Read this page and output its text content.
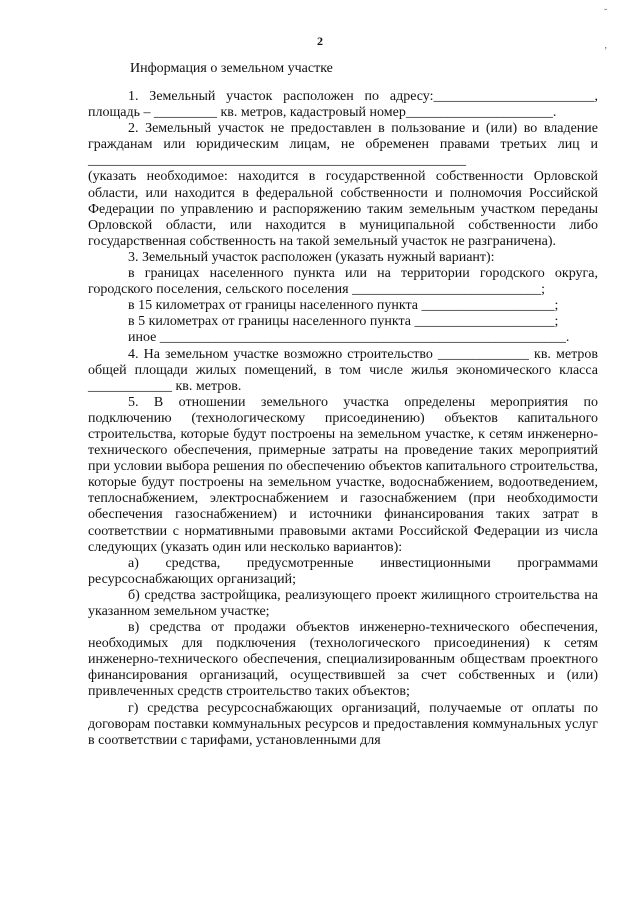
˘
‚
2
Информация о земельном участке

1. Земельный участок расположен по адресу:_______________________, площадь – _________ кв. метров, кадастровый номер_____________________.

2. Земельный участок не предоставлен в пользование и (или) во владение гражданам или юридическим лицам, не обременен правами третьих лиц и ______________________________________________________

(указать необходимое: находится в государственной собственности Орловской области, или находится в федеральной собственности и полномочия Российской Федерации по управлению и распоряжению таким земельным участком переданы Орловской области, или находится в муниципальной собственности либо государственная собственность на такой земельный участок не разграничена).

3. Земельный участок расположен (указать нужный вариант):

в границах населенного пункта или на территории городского округа, городского поселения, сельского поселения ___________________________;

в 15 километрах от границы населенного пункта ___________________;

в 5 километрах от границы населенного пункта ____________________;

иное __________________________________________________________.

4. На земельном участке возможно строительство _____________ кв. метров общей площади жилых помещений, в том числе жилья экономического класса ____________ кв. метров.

5. В отношении земельного участка определены мероприятия по подключению (технологическому присоединению) объектов капитального строительства, которые будут построены на земельном участке, к сетям инженерно-технического обеспечения, примерные затраты на проведение таких мероприятий при условии выбора решения по обеспечению объектов капитального строительства, которые будут построены на земельном участке, водоснабжением, водоотведением, теплоснабжением, электроснабжением и газоснабжением (при необходимости обеспечения газоснабжением) и источники финансирования таких затрат в соответствии с нормативными правовыми актами Российской Федерации из числа следующих (указать один или несколько вариантов):

а) средства, предусмотренные инвестиционными программами ресурсоснабжающих организаций;

б) средства застройщика, реализующего проект жилищного строительства на указанном земельном участке;

в) средства от продажи объектов инженерно-технического обеспечения, необходимых для подключения (технологического присоединения) к сетям инженерно-технического обеспечения, специализированным обществам проектного финансирования организаций, осуществившей за счет собственных и (или) привлеченных средств строительство таких объектов;

г) средства ресурсоснабжающих организаций, получаемые от оплаты по договорам поставки коммунальных ресурсов и предоставления коммунальных услуг в соответствии с тарифами, установленными для
